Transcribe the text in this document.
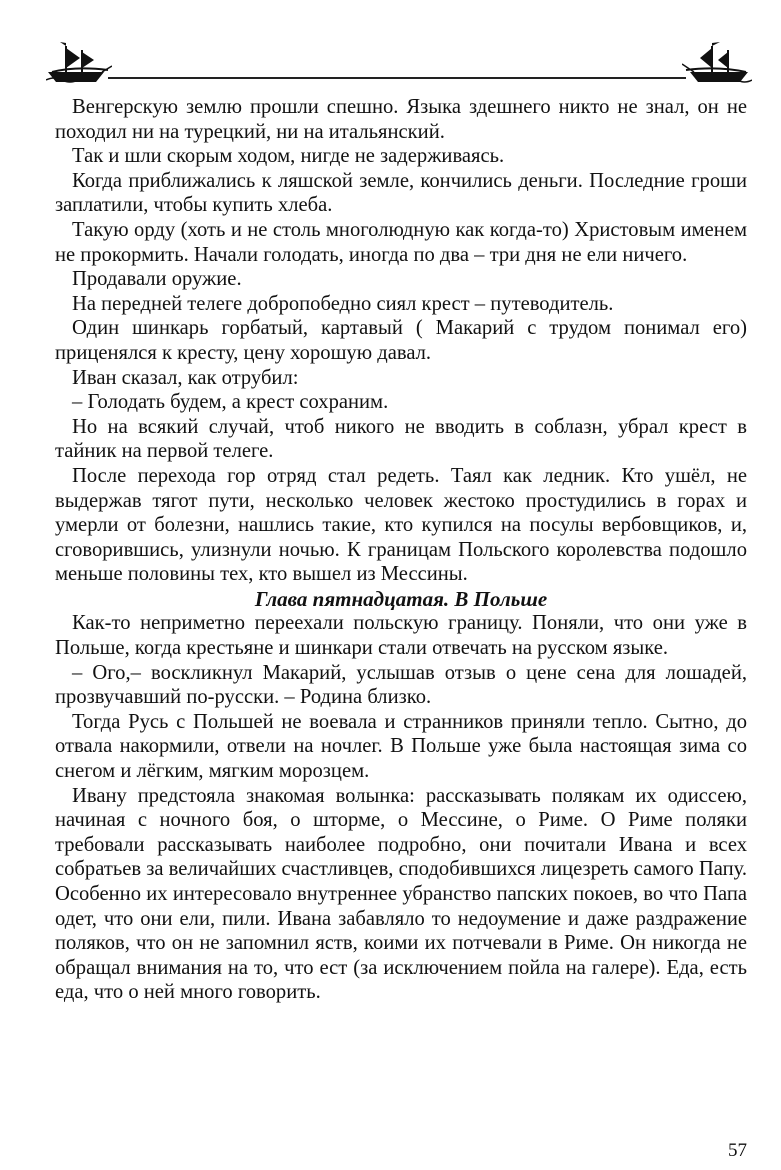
Венгерскую землю прошли спешно. Языка здешнего никто не знал, он не походил ни на турецкий, ни на итальянский.

Так и шли скорым ходом, нигде не задерживаясь.

Когда приближались к ляшской земле, кончились деньги. Последние гроши заплатили, чтобы купить хлеба.

Такую орду (хоть и не столь многолюдную как когда-то) Христовым именем не прокормить. Начали голодать, иногда по два – три дня не ели ничего.

Продавали оружие.

На передней телеге добропобедно сиял крест – путеводитель.

Один шинкарь горбатый, картавый ( Макарий с трудом понимал его) приценялся к кресту, цену хорошую давал.

Иван сказал, как отрубил:

– Голодать будем, а крест сохраним.

Но на всякий случай, чтоб никого не вводить в соблазн, убрал крест в тайник на первой телеге.

После перехода гор отряд стал редеть. Таял как ледник. Кто ушёл, не выдержав тягот пути, несколько человек жестоко простудились в горах и умерли от болезни, нашлись такие, кто купился на посулы вербовщиков, и, сговорившись, улизнули ночью. К границам Польского королевства подошло меньше половины тех, кто вышел из Мессины.

Глава пятнадцатая. В Польше

Как-то неприметно переехали польскую границу. Поняли, что они уже в Польше, когда крестьяне и шинкари стали отвечать на русском языке.

– Ого,– воскликнул Макарий, услышав отзыв о цене сена для лошадей, прозвучавший по-русски. – Родина близко.

Тогда Русь с Польшей не воевала и странников приняли тепло. Сытно, до отвала накормили, отвели на ночлег. В Польше уже была настоящая зима со снегом и лёгким, мягким морозцем.

Ивану предстояла знакомая волынка: рассказывать полякам их одиссею, начиная с ночного боя, о шторме, о Мессине, о Риме. О Риме поляки требовали рассказывать наиболее подробно, они почитали Ивана и всех собратьев за величайших счастливцев, сподобившихся лицезреть самого Папу. Особенно их интересовало внутреннее убранство папских покоев, во что Папа одет, что они ели, пили. Ивана забавляло то недоумение и даже раздражение поляков, что он не запомнил яств, коими их потчевали в Риме. Он никогда не обращал внимания на то, что ест (за исключением пойла на галере). Еда, есть еда, что о ней много говорить.

57
